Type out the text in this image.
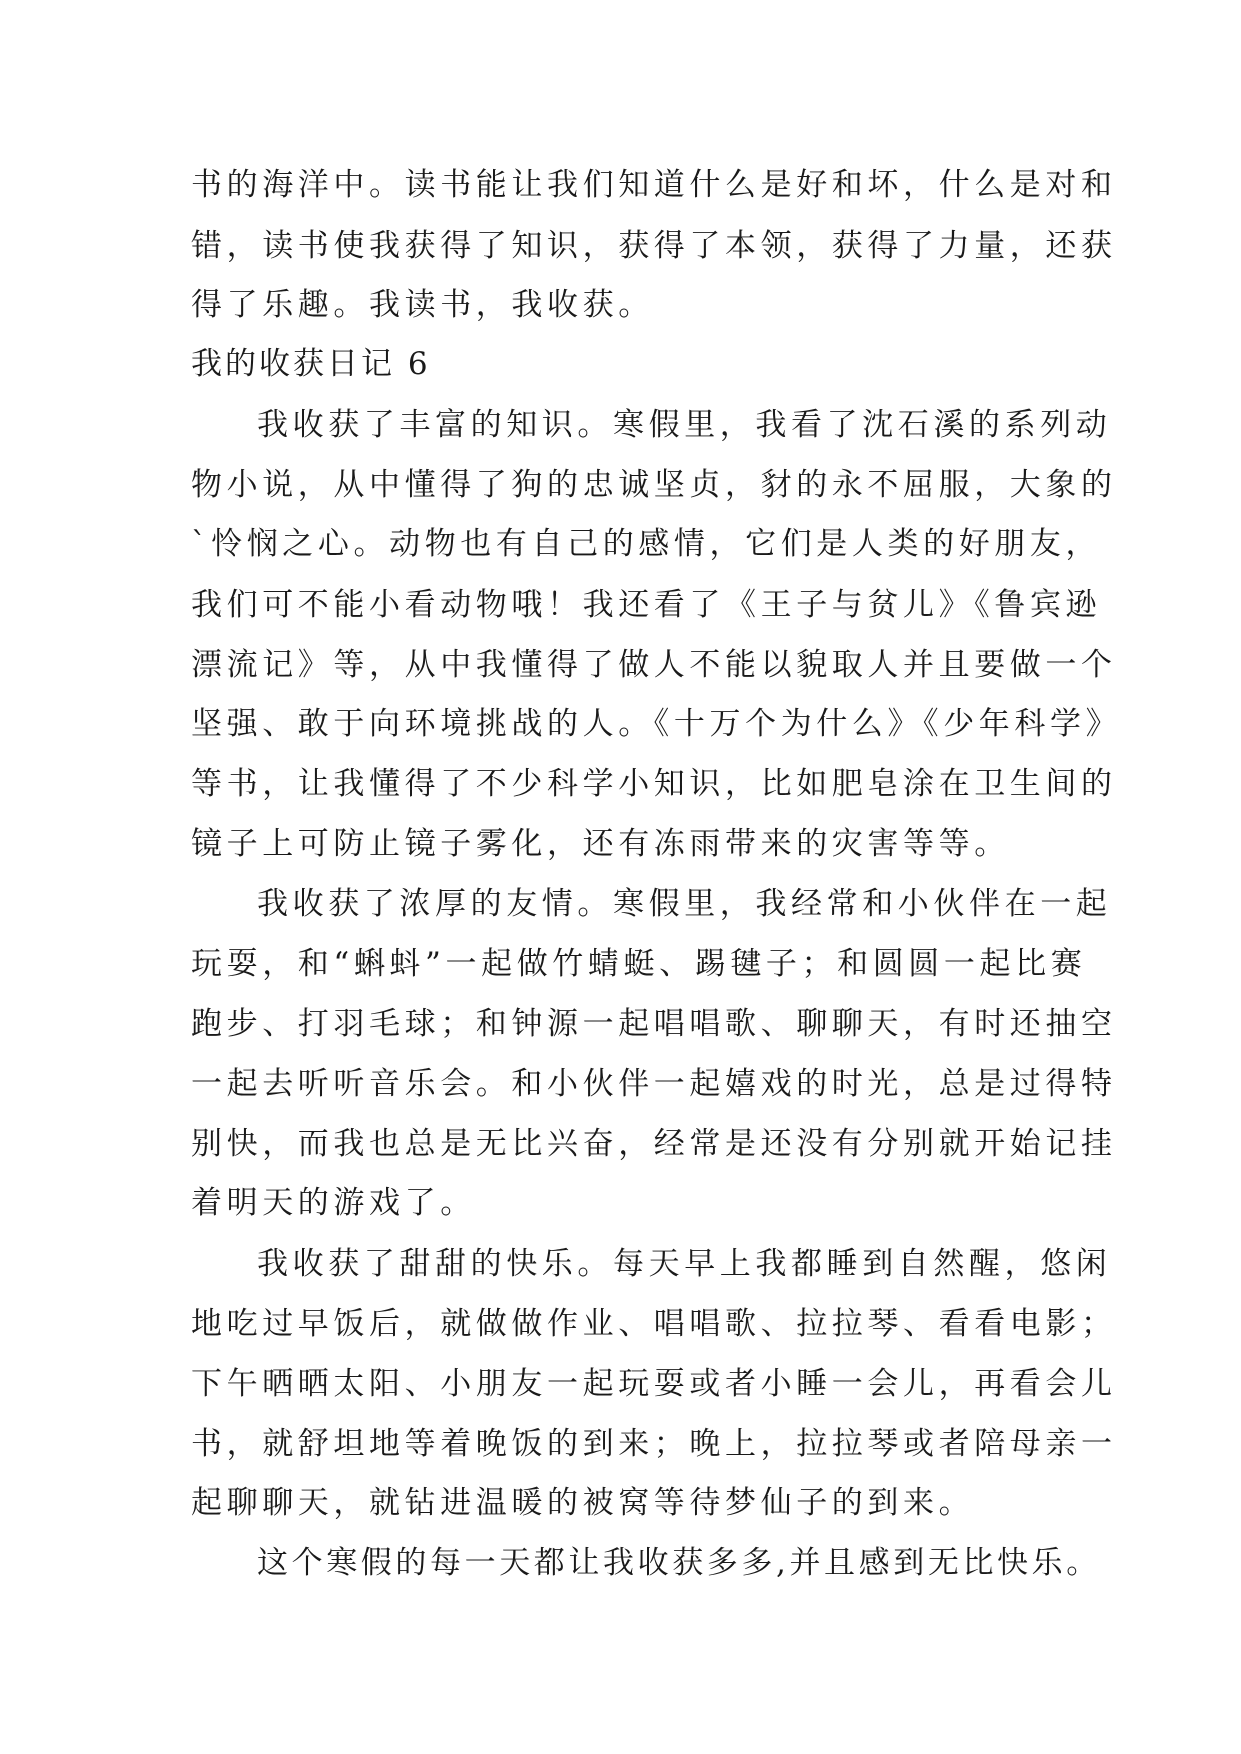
书的海洋中。读书能让我们知道什么是好和坏，什么是对和
错，读书使我获得了知识，获得了本领，获得了力量，还获
得了乐趣。我读书，我收获。
我的收获日记 6
我收获了丰富的知识。寒假里，我看了沈石溪的系列动
物小说，从中懂得了狗的忠诚坚贞，豺的永不屈服，大象的
`怜悯之心。动物也有自己的感情，它们是人类的好朋友，
我们可不能小看动物哦！我还看了《王子与贫儿》《鲁宾逊
漂流记》等，从中我懂得了做人不能以貌取人并且要做一个
坚强、敢于向环境挑战的人。《十万个为什么》《少年科学》
等书，让我懂得了不少科学小知识，比如肥皂涂在卫生间的
镜子上可防止镜子雾化，还有冻雨带来的灾害等等。
我收获了浓厚的友情。寒假里，我经常和小伙伴在一起
玩耍，和“蝌蚪”一起做竹蜻蜓、踢毽子；和圆圆一起比赛
跑步、打羽毛球；和钟源一起唱唱歌、聊聊天，有时还抽空
一起去听听音乐会。和小伙伴一起嬉戏的时光，总是过得特
别快，而我也总是无比兴奋，经常是还没有分别就开始记挂
着明天的游戏了。
我收获了甜甜的快乐。每天早上我都睡到自然醒，悠闲
地吃过早饭后，就做做作业、唱唱歌、拉拉琴、看看电影；
下午晒晒太阳、小朋友一起玩耍或者小睡一会儿，再看会儿
书，就舒坦地等着晚饭的到来；晚上，拉拉琴或者陪母亲一
起聊聊天，就钻进温暖的被窝等待梦仙子的到来。
这个寒假的每一天都让我收获多多,并且感到无比快乐。
